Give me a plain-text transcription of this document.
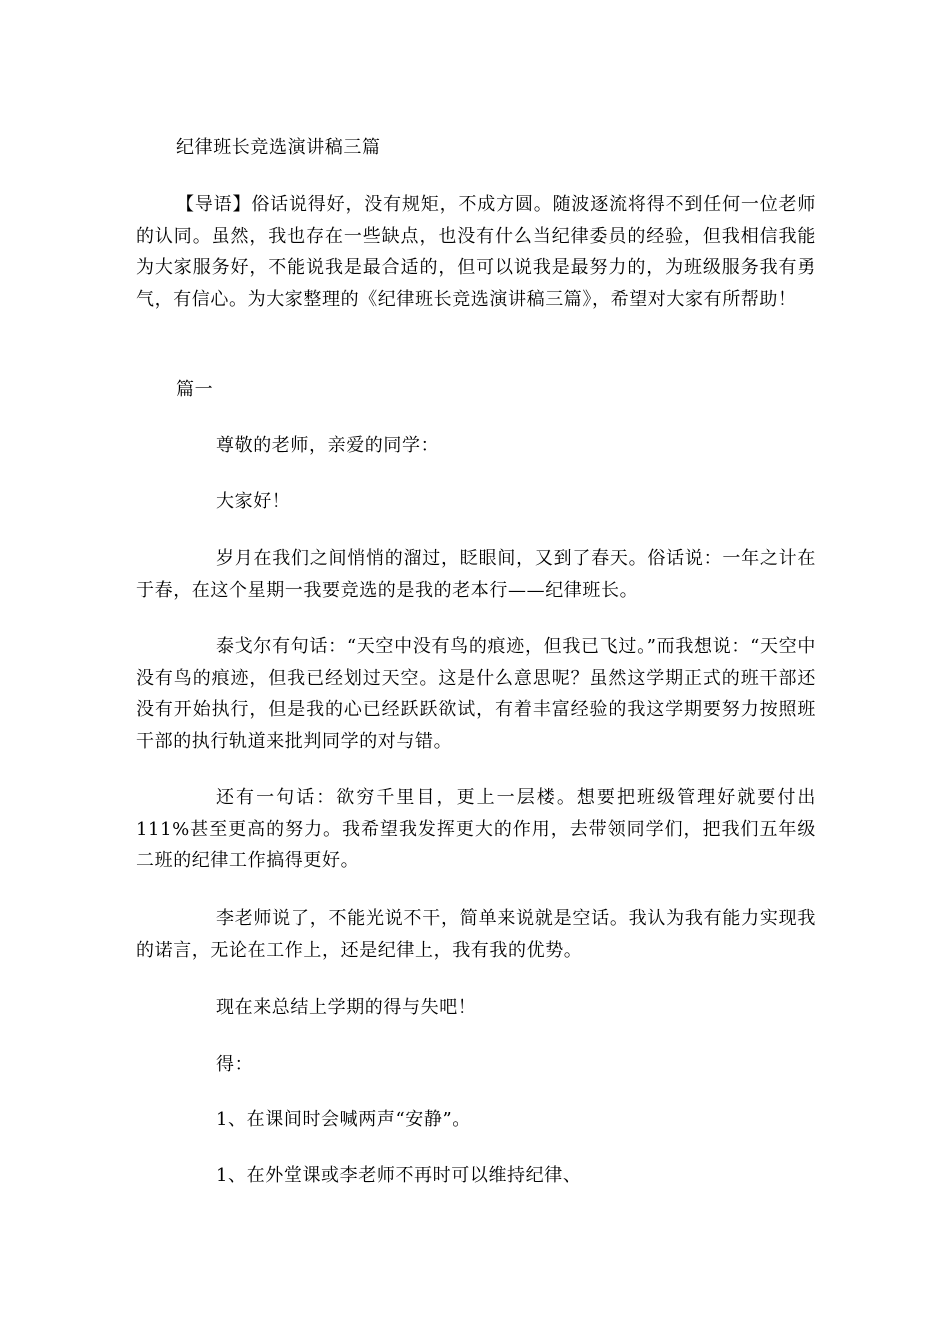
纪律班长竞选演讲稿三篇
【导语】俗话说得好，没有规矩，不成方圆。随波逐流将得不到任何一位老师的认同。虽然，我也存在一些缺点，也没有什么当纪律委员的经验，但我相信我能为大家服务好，不能说我是最合适的，但可以说我是最努力的，为班级服务我有勇气，有信心。为大家整理的《纪律班长竞选演讲稿三篇》，希望对大家有所帮助！
篇一
尊敬的老师，亲爱的同学：
大家好！
岁月在我们之间悄悄的溜过，眨眼间，又到了春天。俗话说：一年之计在于春，在这个星期一我要竞选的是我的老本行——纪律班长。
泰戈尔有句话：“天空中没有鸟的痕迹，但我已飞过。”而我想说：“天空中没有鸟的痕迹，但我已经划过天空。这是什么意思呢？虽然这学期正式的班干部还没有开始执行，但是我的心已经跃跃欲试，有着丰富经验的我这学期要努力按照班干部的执行轨道来批判同学的对与错。
还有一句话：欲穷千里目，更上一层楼。想要把班级管理好就要付出111%甚至更高的努力。我希望我发挥更大的作用，去带领同学们，把我们五年级二班的纪律工作搞得更好。
李老师说了，不能光说不干，简单来说就是空话。我认为我有能力实现我的诺言，无论在工作上，还是纪律上，我有我的优势。
现在来总结上学期的得与失吧！
得：
1、在课间时会喊两声“安静”。
1、在外堂课或李老师不再时可以维持纪律、
